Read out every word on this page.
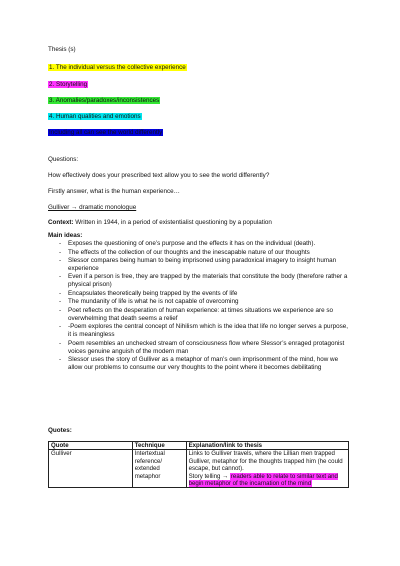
Thesis (s)
1. The individual versus the collective experience
2. Storytelling
3. Anomalies/paradoxes/inconsistences
4. Human qualities and emotions
Including all can see the world differently
Questions:
How effectively does your prescribed text allow you to see the world differently?
Firstly answer, what is the human experience…
Gulliver → dramatic monologue
Context: Written in 1944, in a period of existentialist questioning by a population
Main ideas:
- Exposes the questioning of one’s purpose and the effects it has on the individual (death).
- The effects of the collection of our thoughts and the inescapable nature of our thoughts
- Slessor compares being human to being imprisoned using paradoxical imagery to insight human experience
- Even if a person is free, they are trapped by the materials that constitute the body (therefore rather a physical prison)
- Encapsulates theoretically being trapped by the events of life
- The mundanity of life is what he is not capable of overcoming
- Poet reflects on the desperation of human experience: at times situations we experience are so overwhelming that death seems a relief
- -Poem explores the central concept of Nihilism which is the idea that life no longer serves a purpose, it is meaningless
- Poem resembles an unchecked stream of consciousness flow where Slessor’s enraged protagonist voices genuine anguish of the modern man
- Slessor uses the story of Gulliver as a metaphor of man’s own imprisonment of the mind, how we allow our problems to consume our very thoughts to the point where it becomes debilitating
Quotes:
Quote	Technique	Explanation/link to thesis
Gulliver	Intertextual reference/ extended metaphor	Links to Gulliver travels, where the Lillian men trapped Gulliver, metaphor for the thoughts trapped him (he could escape, but cannot).
Story telling → readers able to relate to similar text and begin metaphor of the incarnation of the mind
